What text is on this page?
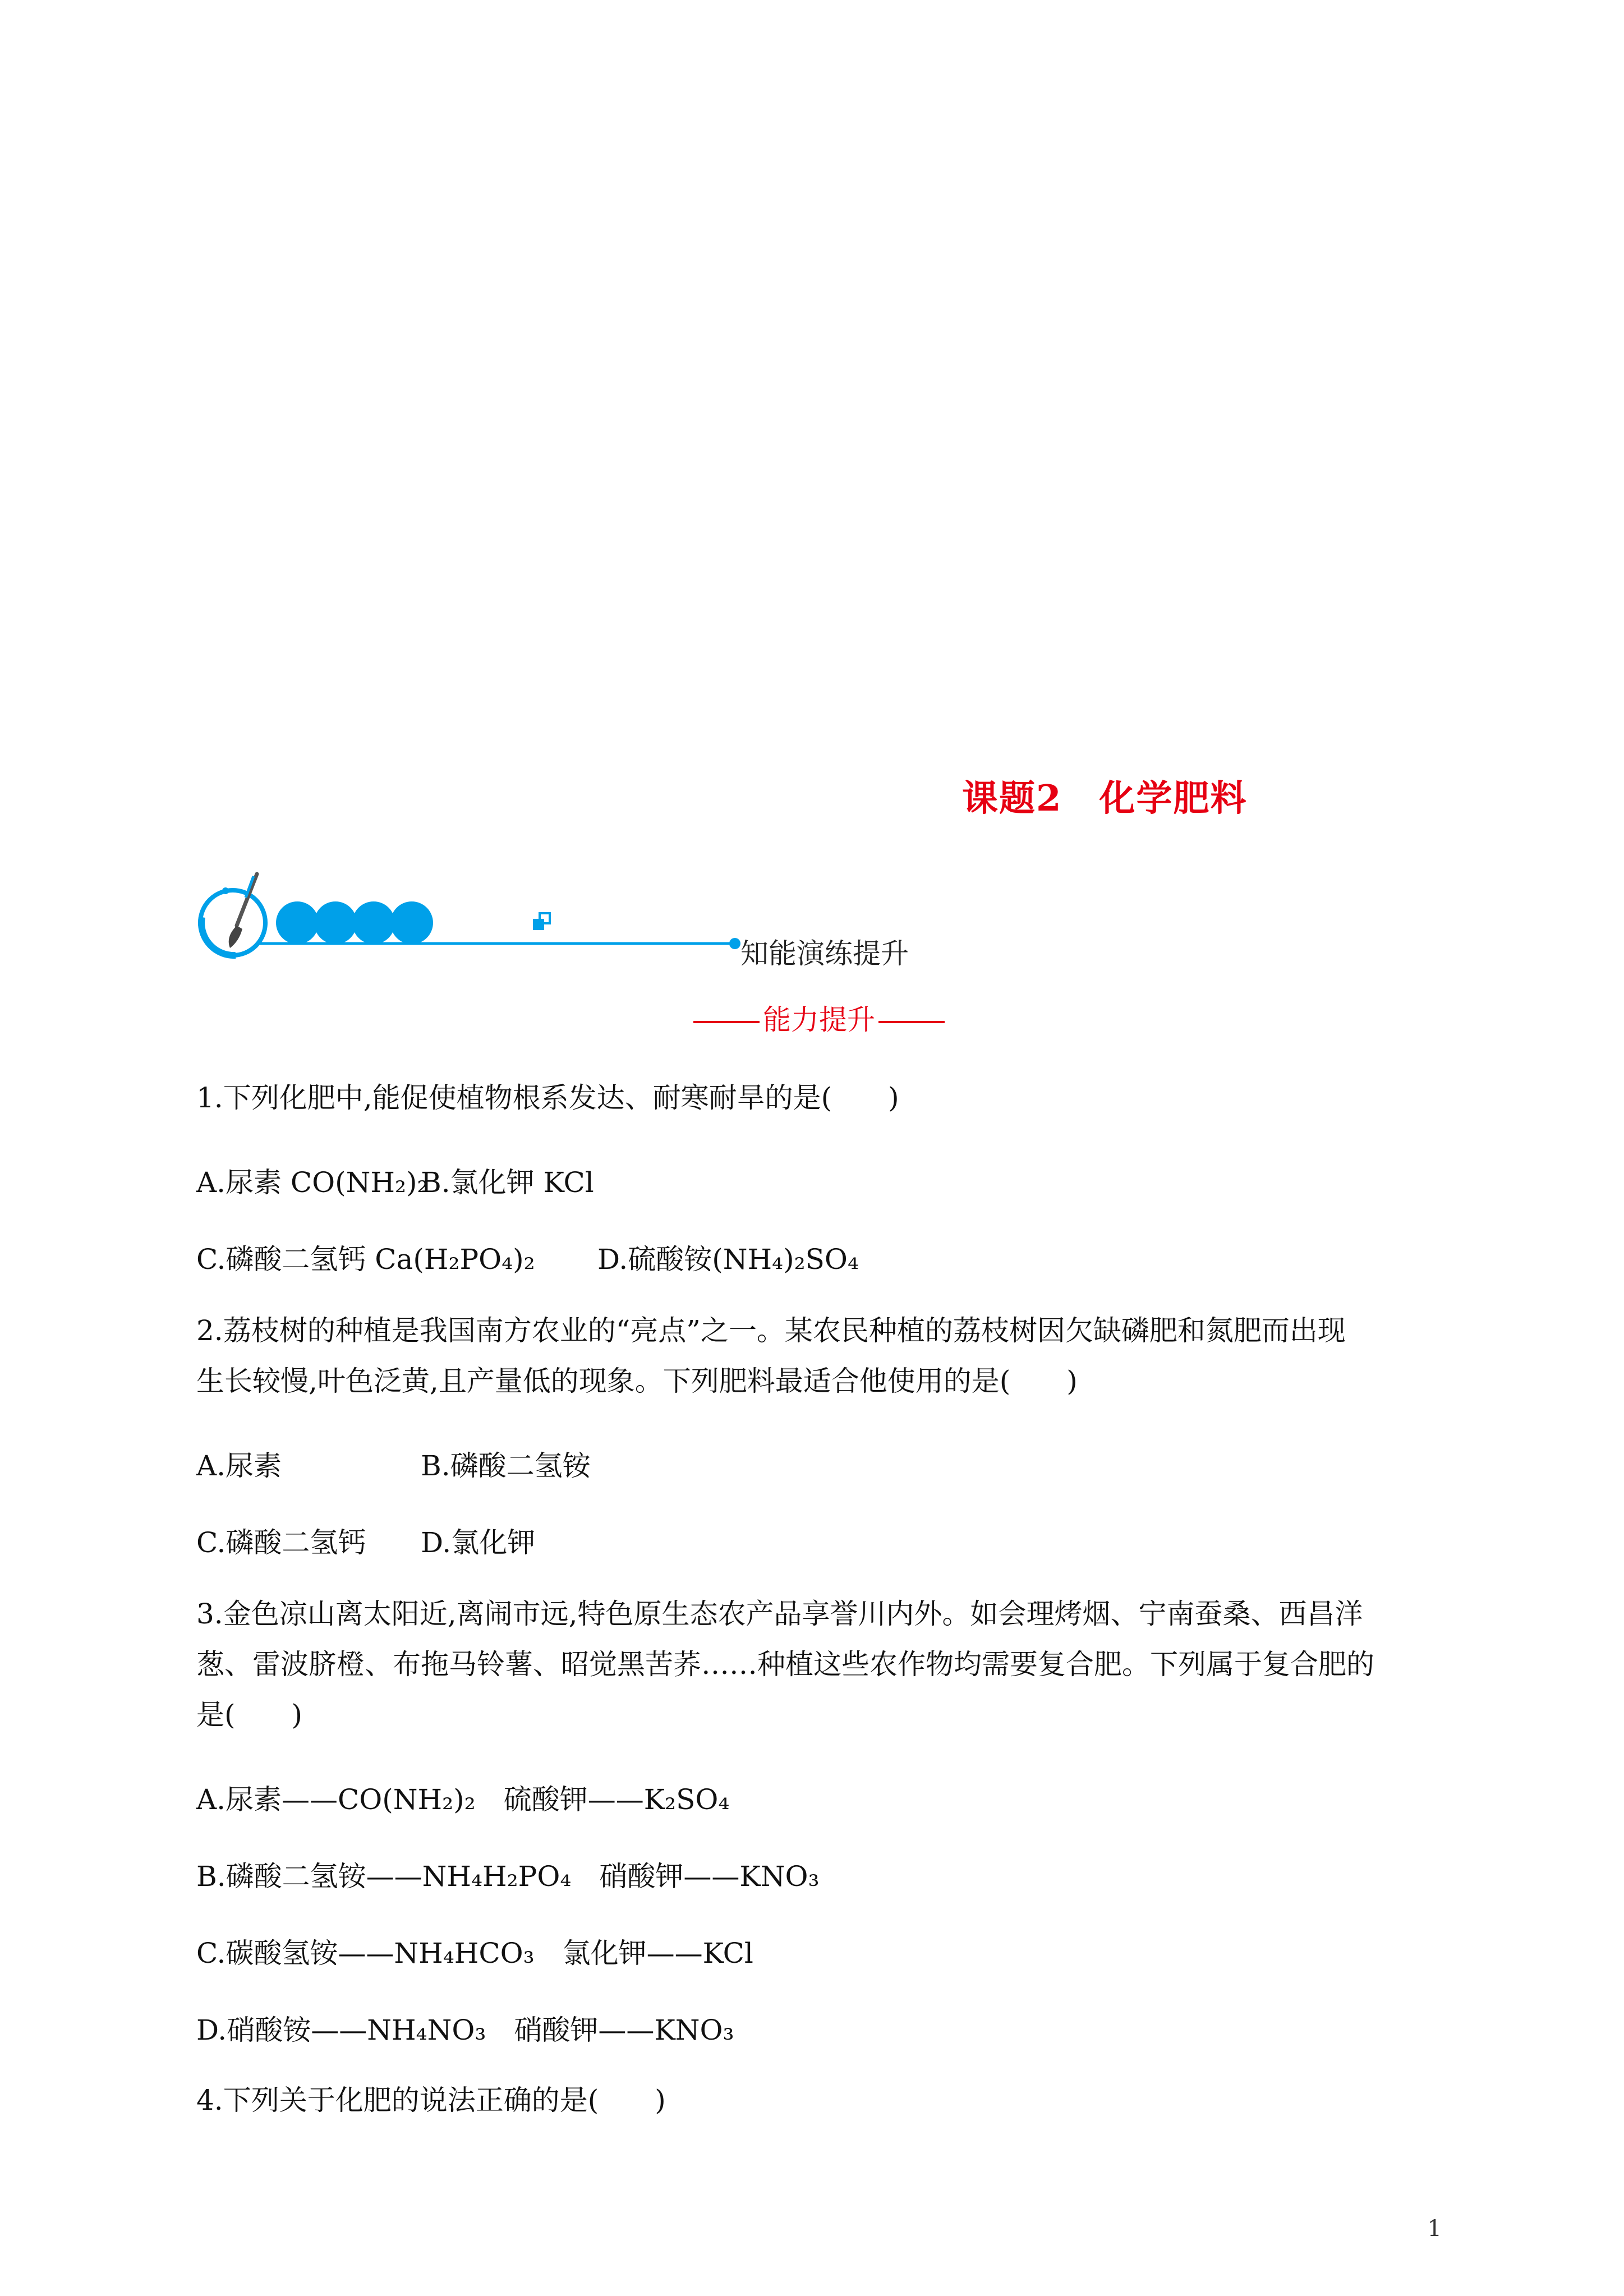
课题2　化学肥料
知能演练提升
能力提升
1.下列化肥中,能促使植物根系发达、耐寒耐旱的是(　　)
A.尿素 CO(NH₂)₂
B.氯化钾 KCl
C.磷酸二氢钙 Ca(H₂PO₄)₂ D.硫酸铵(NH₄)₂SO₄
2.荔枝树的种植是我国南方农业的“亮点”之一。某农民种植的荔枝树因欠缺磷肥和氮肥而出现
生长较慢,叶色泛黄,且产量低的现象。下列肥料最适合他使用的是(　　)
A.尿素	B.磷酸二氢铵
C.磷酸二氢钙 D.氯化钾
3.金色凉山离太阳近,离闹市远,特色原生态农产品享誉川内外。如会理烤烟、宁南蚕桑、西昌洋
葱、雷波脐橙、布拖马铃薯、昭觉黑苦荞……种植这些农作物均需要复合肥。下列属于复合肥的
是(　　)
A.尿素——CO(NH₂)₂　硫酸钾——K₂SO₄
B.磷酸二氢铵——NH₄H₂PO₄　硝酸钾——KNO₃
C.碳酸氢铵——NH₄HCO₃　氯化钾——KCl
D.硝酸铵——NH₄NO₃　硝酸钾——KNO₃
4.下列关于化肥的说法正确的是(　　)
1
